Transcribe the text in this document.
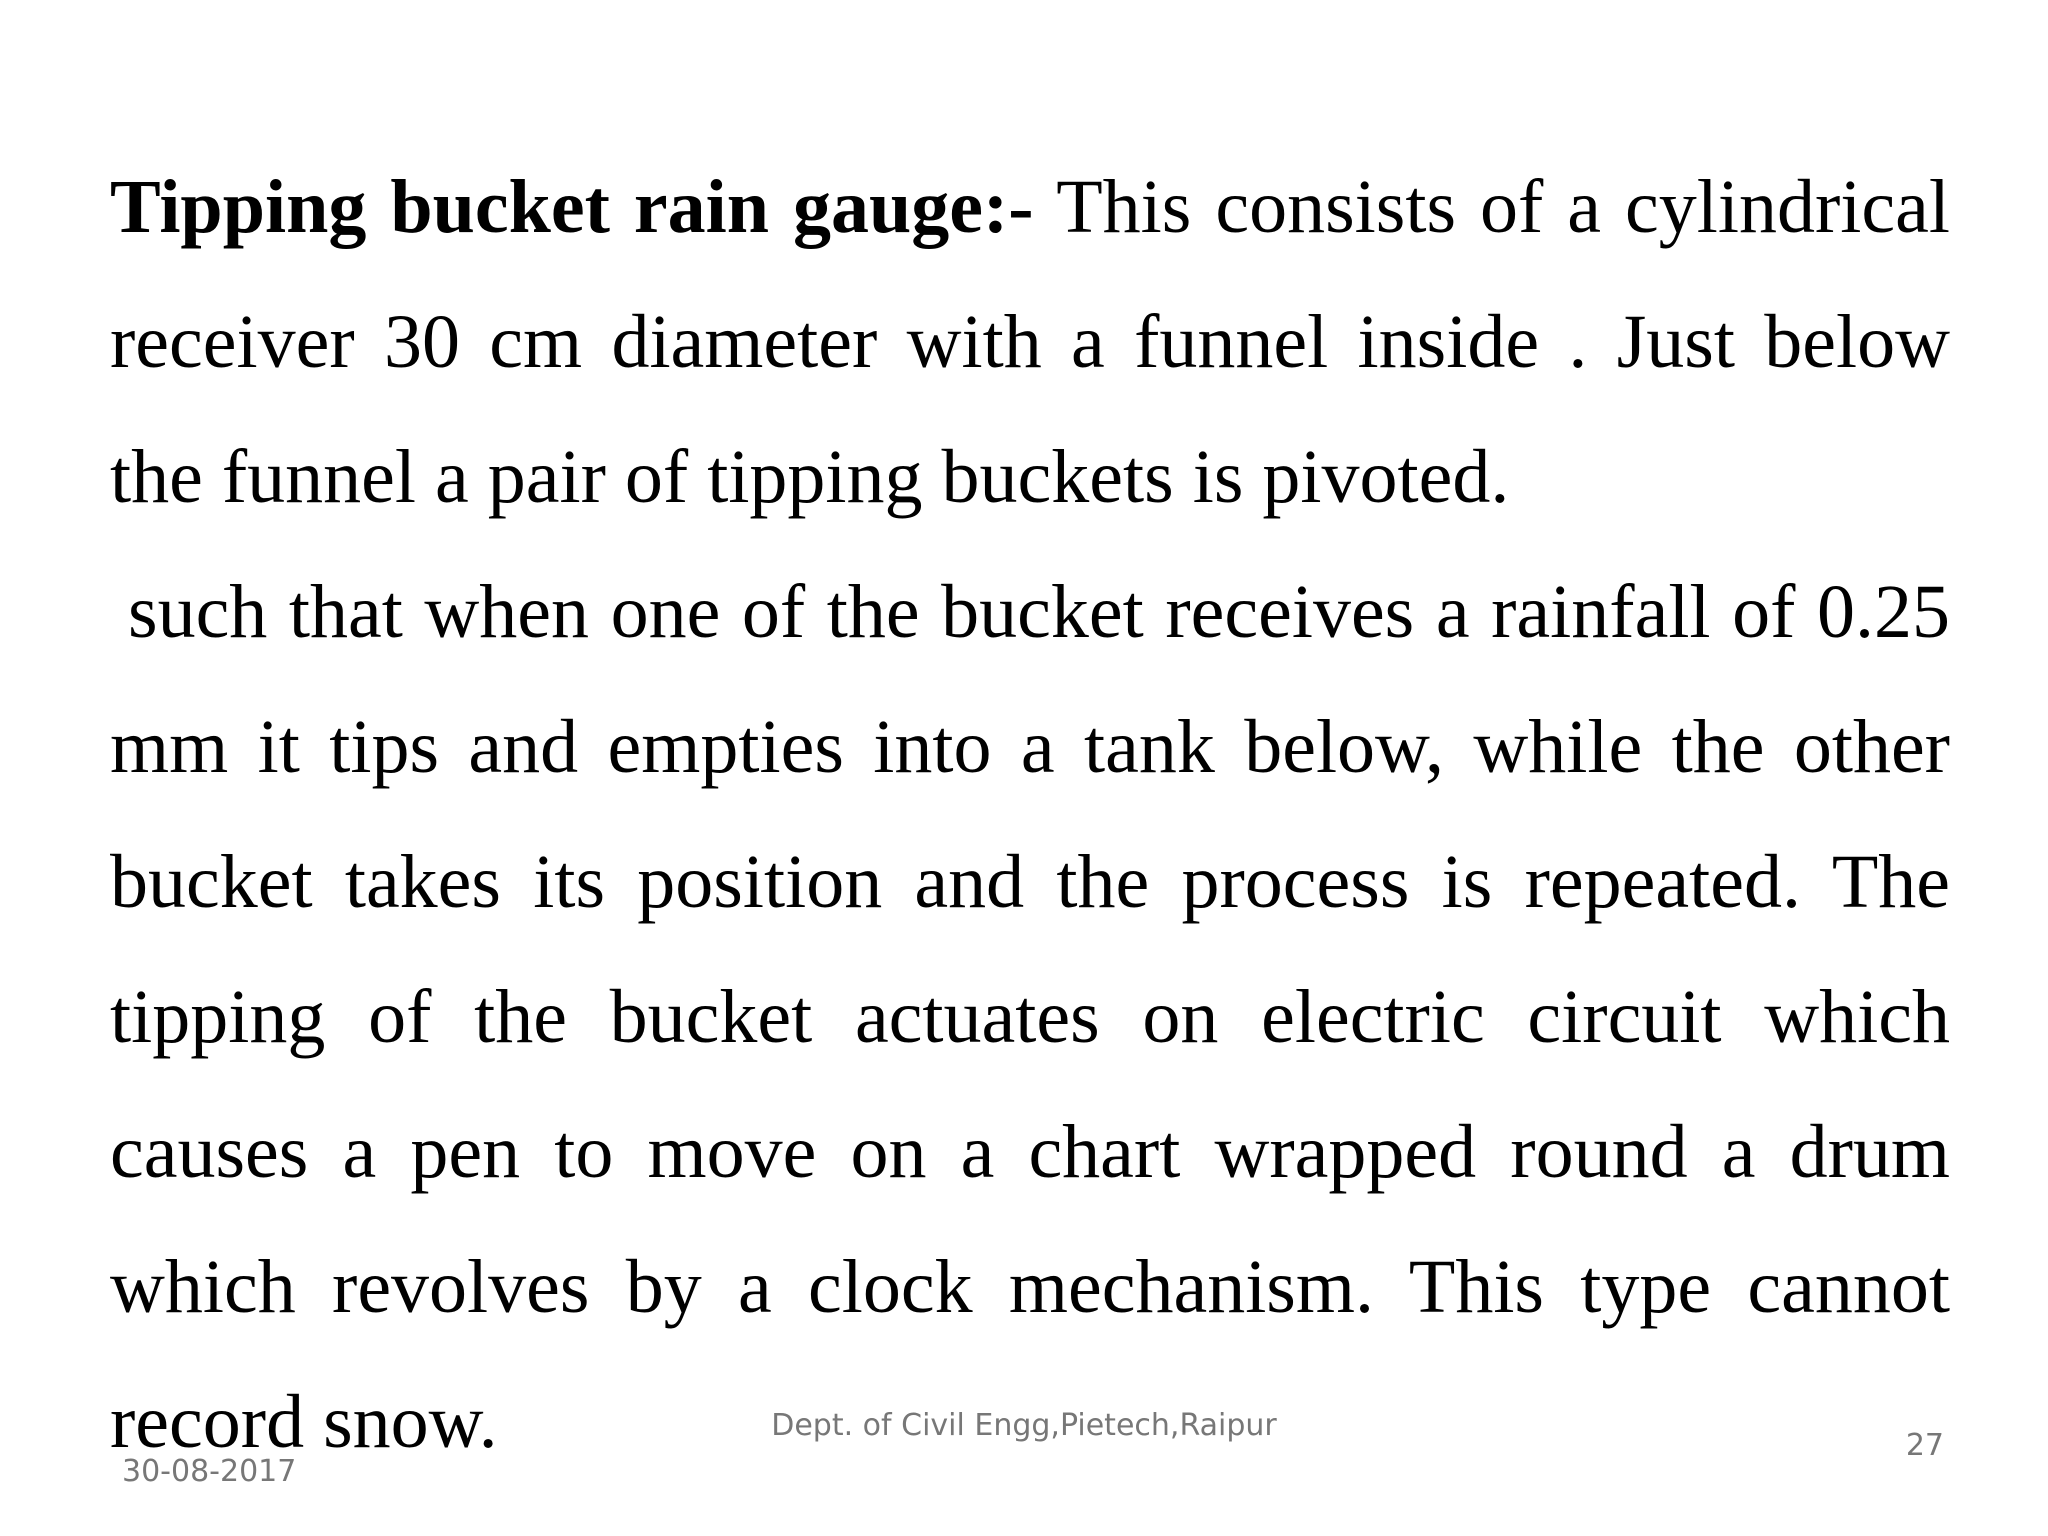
Tipping bucket rain gauge:- This consists of a cylindrical receiver 30 cm diameter with a funnel inside . Just below the funnel a pair of tipping buckets is pivoted.

such that when one of the bucket receives a rainfall of 0.25 mm it tips and empties into a tank below, while the other bucket takes its position and the process is repeated. The tipping of the bucket actuates on electric circuit which causes a pen to move on a chart wrapped round a drum which revolves by a clock mechanism. This type cannot record snow.	Dept. of Civil Engg,Pietech,Raipur
30-08-2017
27
